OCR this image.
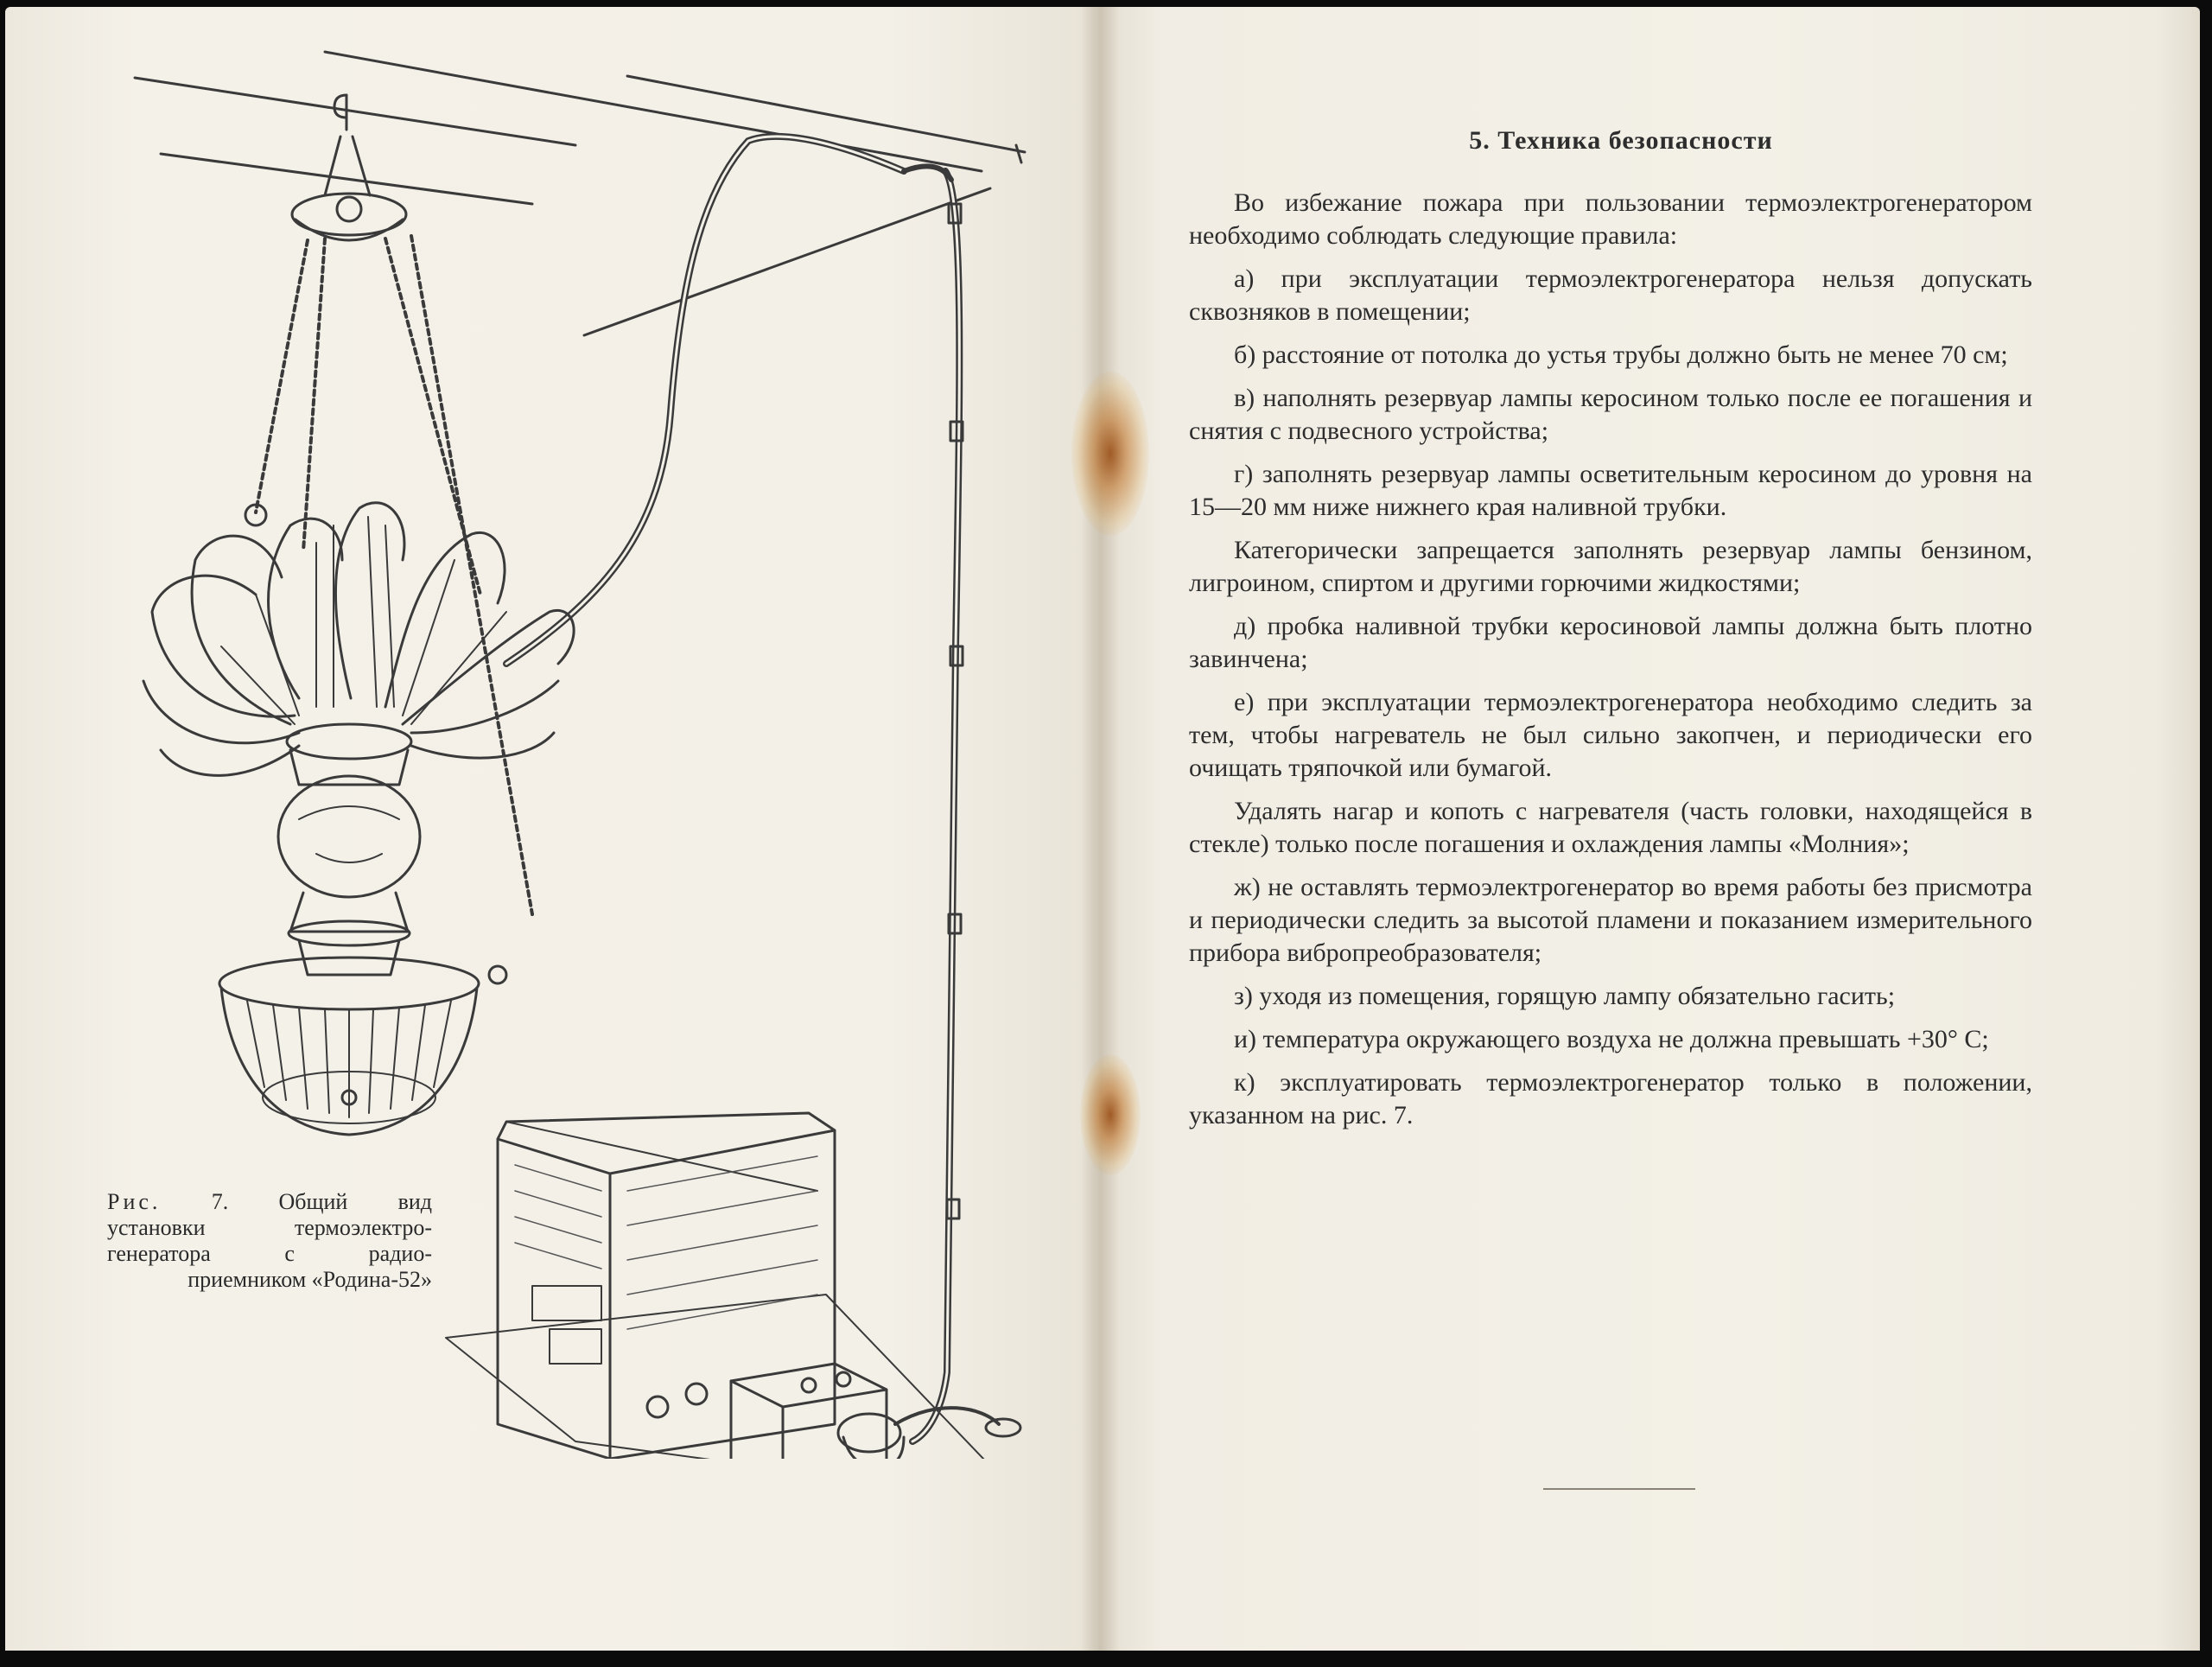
Рис. 7. Общий вид
установки термоэлектро-
генератора с радио-
приемником «Родина-52»
5. Техника безопасности

Во избежание пожара при пользовании термоэлектрогенератором необходимо соблюдать следующие правила:

а) при эксплуатации термоэлектрогенератора нельзя допускать сквозняков в помещении;

б) расстояние от потолка до устья трубы должно быть не менее 70 см;

в) наполнять резервуар лампы керосином только после ее погашения и снятия с подвесного устройства;

г) заполнять резервуар лампы осветительным керосином до уровня на 15—20 мм ниже нижнего края наливной трубки.

Категорически запрещается заполнять резервуар лампы бензином, лигроином, спиртом и другими горючими жидкостями;

д) пробка наливной трубки керосиновой лампы должна быть плотно завинчена;

е) при эксплуатации термоэлектрогенератора необходимо следить за тем, чтобы нагреватель не был сильно закопчен, и периодически его очищать тряпочкой или бумагой.

Удалять нагар и копоть с нагревателя (часть головки, находящейся в стекле) только после погашения и охлаждения лампы «Молния»;

ж) не оставлять термоэлектрогенератор во время работы без присмотра и периодически следить за высотой пламени и показанием измерительного прибора вибропреобразователя;

з) уходя из помещения, горящую лампу обязательно гасить;

и) температура окружающего воздуха не должна превышать +30° С;

к) эксплуатировать термоэлектрогенератор только в положении, указанном на рис. 7.
